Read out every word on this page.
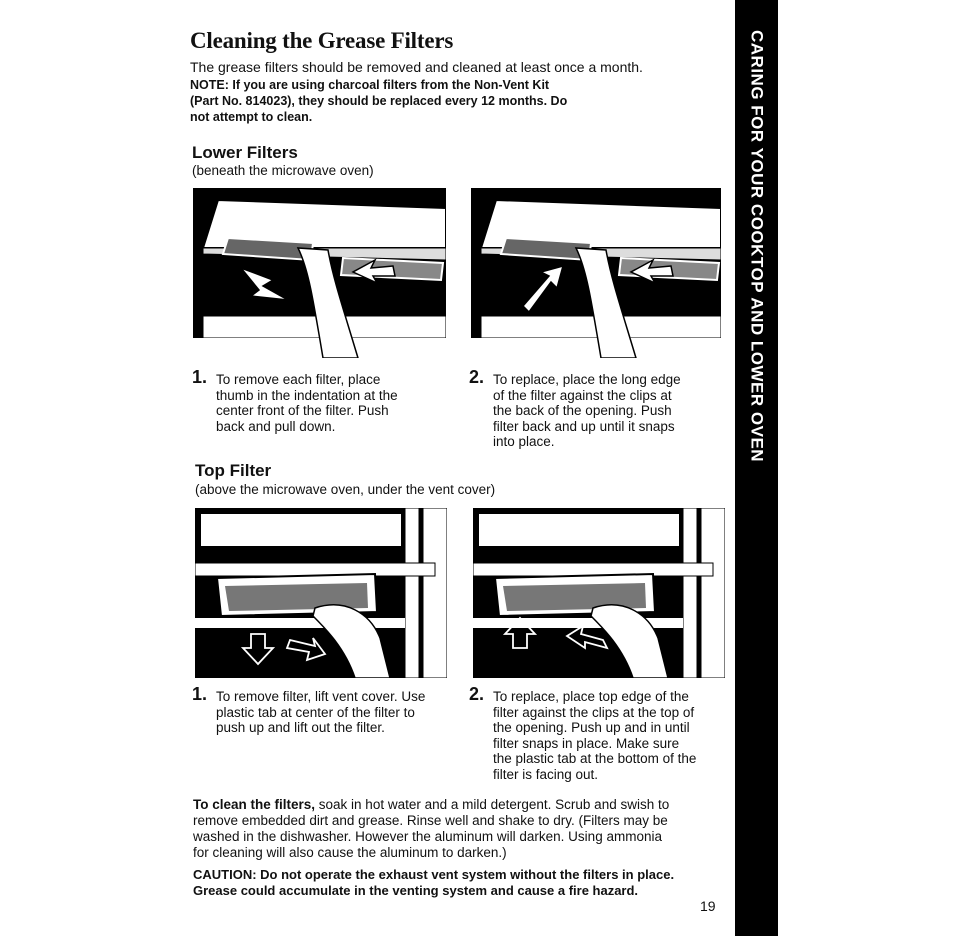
Cleaning the Grease Filters
The grease filters should be removed and cleaned at least once a month.
NOTE: If you are using charcoal filters from the Non-Vent Kit
(Part No. 814023), they should be replaced every 12 months. Do
not attempt to clean.
Lower Filters
(beneath the microwave oven)
1. To remove each filter, place
thumb in the indentation at the
center front of the filter. Push
back and pull down.
2. To replace, place the long edge
of the filter against the clips at
the back of the opening. Push
filter back and up until it snaps
into place.
Top Filter
(above the microwave oven, under the vent cover)
1. To remove filter, lift vent cover. Use
plastic tab at center of the filter to
push up and lift out the filter.
2. To replace, place top edge of the
filter against the clips at the top of
the opening. Push up and in until
filter snaps in place. Make sure
the plastic tab at the bottom of the
filter is facing out.
To clean the filters, soak in hot water and a mild detergent. Scrub and swish to
remove embedded dirt and grease. Rinse well and shake to dry. (Filters may be
washed in the dishwasher. However the aluminum will darken. Using ammonia
for cleaning will also cause the aluminum to darken.)
CAUTION: Do not operate the exhaust vent system without the filters in place.
Grease could accumulate in the venting system and cause a fire hazard.
19
CARING FOR YOUR COOKTOP AND LOWER OVEN
